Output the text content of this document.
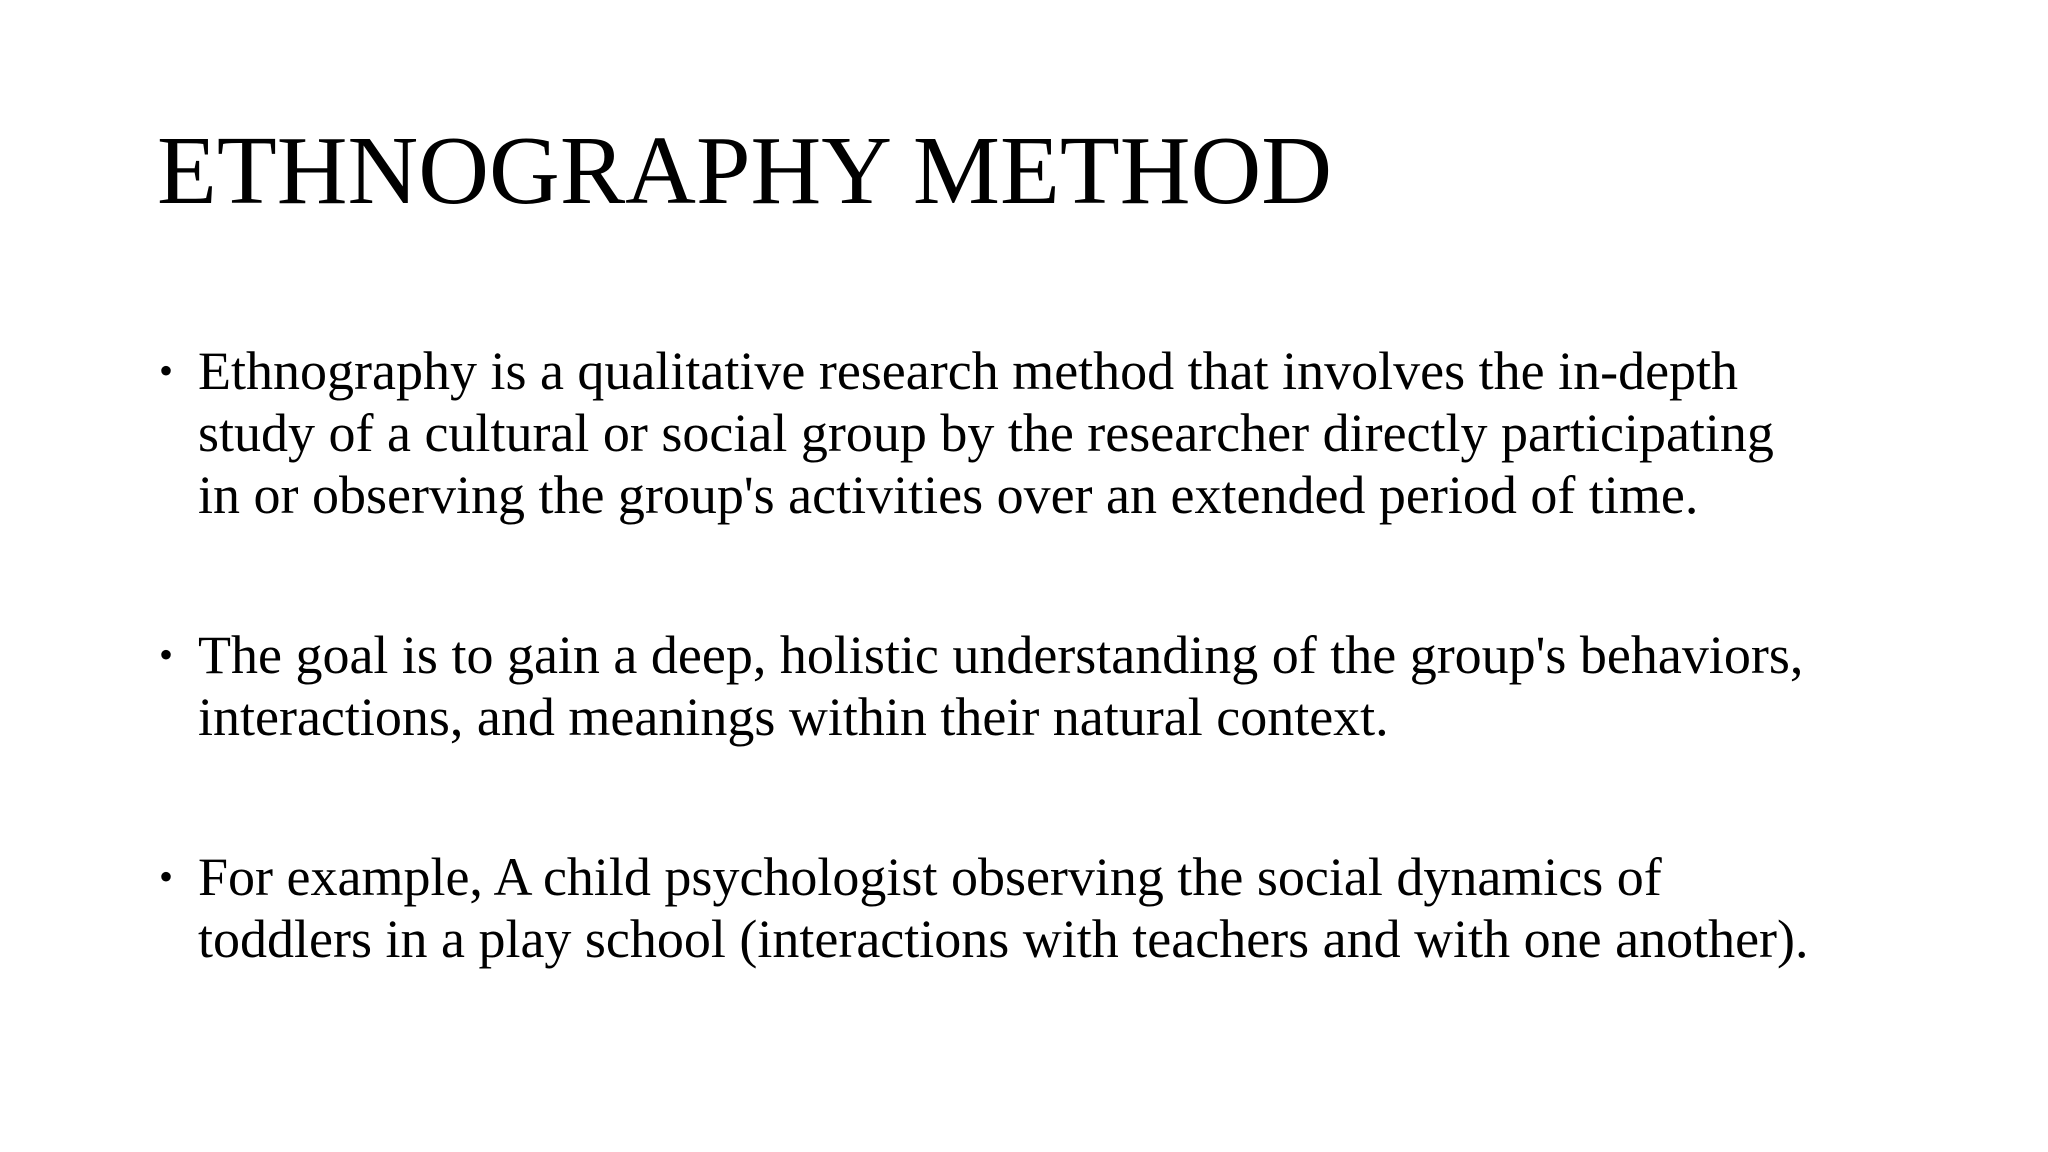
ETHNOGRAPHY METHOD
• Ethnography is a qualitative research method that involves the in-depth
study of a cultural or social group by the researcher directly participating
in or observing the group's activities over an extended period of time.
• The goal is to gain a deep, holistic understanding of the group's behaviors,
interactions, and meanings within their natural context.
• For example, A child psychologist observing the social dynamics of
toddlers in a play school (interactions with teachers and with one another).
